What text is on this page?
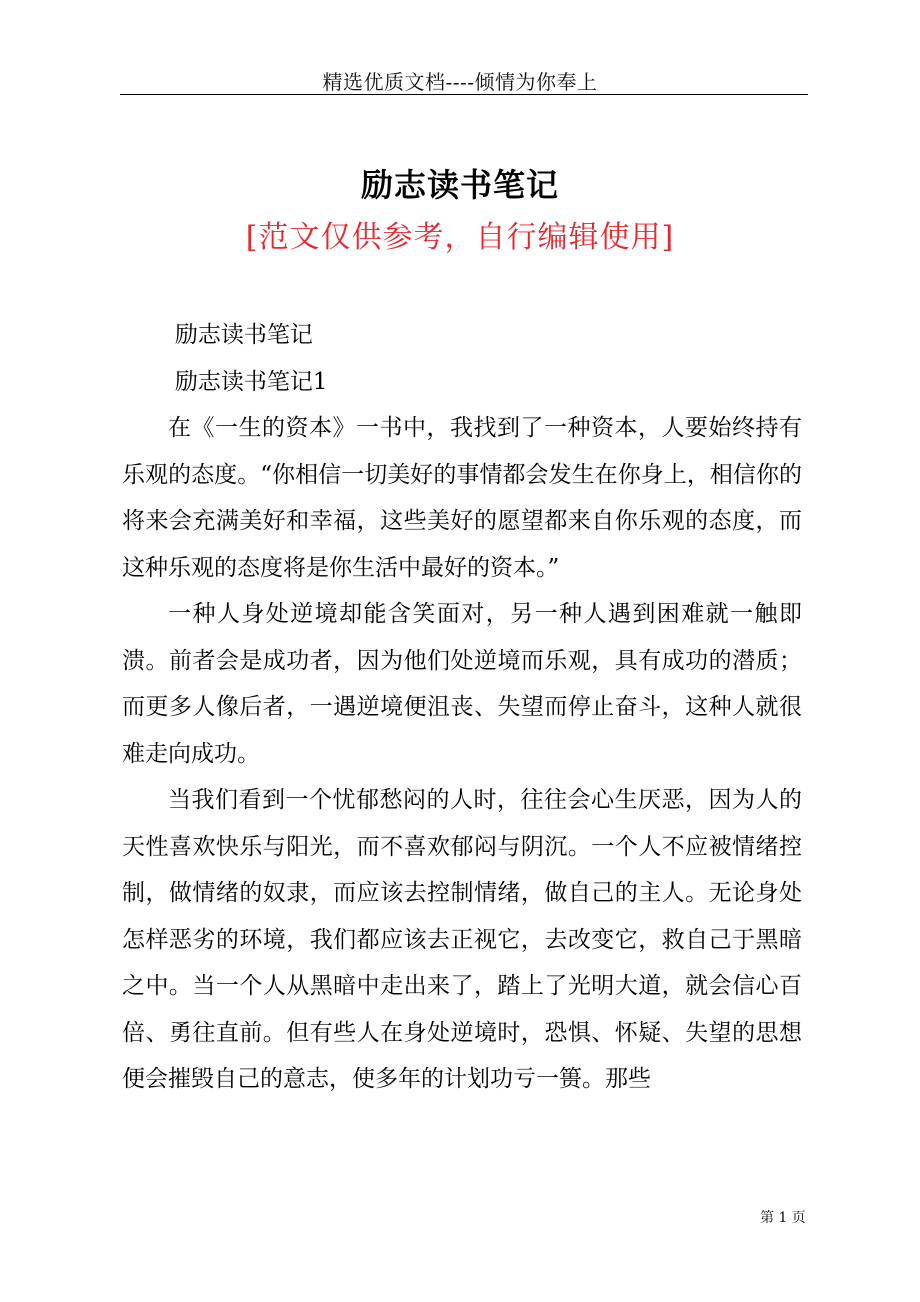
精选优质文档----倾情为你奉上
励志读书笔记
[范文仅供参考，自行编辑使用]

励志读书笔记

励志读书笔记1

在《一生的资本》一书中，我找到了一种资本，人要始终持有乐观的态度。“你相信一切美好的事情都会发生在你身上，相信你的将来会充满美好和幸福，这些美好的愿望都来自你乐观的态度，而这种乐观的态度将是你生活中最好的资本。”

一种人身处逆境却能含笑面对，另一种人遇到困难就一触即溃。前者会是成功者，因为他们处逆境而乐观，具有成功的潜质；而更多人像后者，一遇逆境便沮丧、失望而停止奋斗，这种人就很难走向成功。

当我们看到一个忧郁愁闷的人时，往往会心生厌恶，因为人的天性喜欢快乐与阳光，而不喜欢郁闷与阴沉。一个人不应被情绪控制，做情绪的奴隶，而应该去控制情绪，做自己的主人。无论身处怎样恶劣的环境，我们都应该去正视它，去改变它，救自己于黑暗之中。当一个人从黑暗中走出来了，踏上了光明大道，就会信心百倍、勇往直前。但有些人在身处逆境时，恐惧、怀疑、失望的思想便会摧毁自己的意志，使多年的计划功亏一篑。那些

第 1 页
